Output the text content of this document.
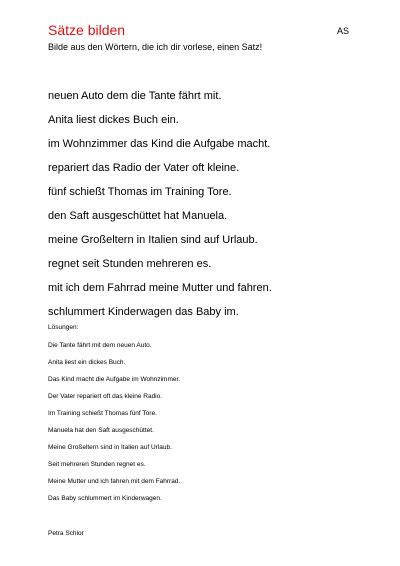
Sätze bilden	AS
Bilde aus den Wörtern, die ich dir vorlese, einen Satz!
neuen Auto dem die Tante fährt mit.
Anita liest dickes Buch ein.
im Wohnzimmer das Kind die Aufgabe macht.
repariert das Radio der Vater oft kleine.
fünf schießt Thomas im Training Tore.
den Saft ausgeschüttet hat Manuela.
meine Großeltern in Italien sind auf Urlaub.
regnet seit Stunden mehreren es.
mit ich dem Fahrrad meine Mutter und fahren.
schlummert Kinderwagen das Baby im.
Lösungen:
Die Tante fährt mit dem neuen Auto.
Anita liest ein dickes Buch.
Das Kind macht die Aufgabe im Wohnzimmer.
Der Vater repariert oft das kleine Radio.
Im Training schießt Thomas fünf Tore.
Manuela hat den Saft ausgeschüttet.
Meine Großeltern sind in Italien auf Urlaub.
Seit mehreren Stunden regnet es.
Meine Mutter und ich fahren mit dem Fahrrad.
Das Baby schlummert im Kinderwagen.
Petra Schlor
